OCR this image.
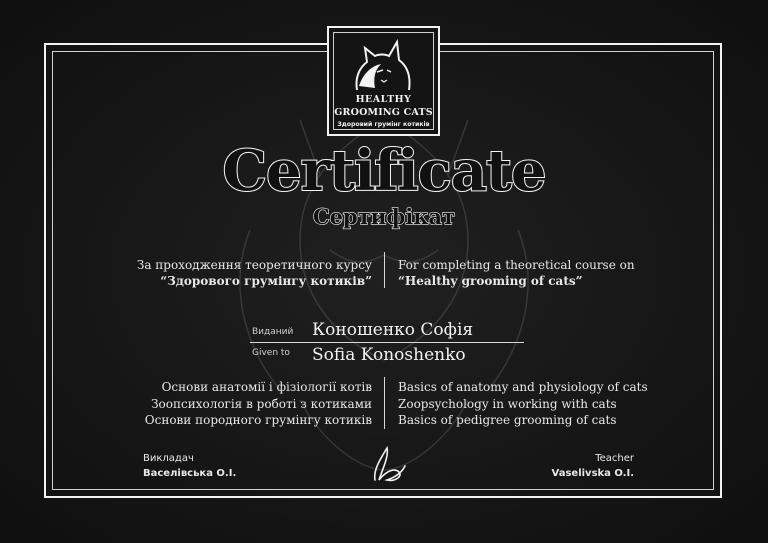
HEALTHY
GROOMING CATS
Здоровий грумінг котиків
Certificate
Сертифікат
За проходження теоретичного курсу
“Здорового грумінгу котиків”
For completing a theoretical course on
“Healthy grooming of cats”
Виданий Коношенко Софія
Given to Sofia Konoshenko
Основи анатомії і фізіології котів
Зоопсихологія в роботі з котиками
Основи породного грумінгу котиків
Basics of anatomy and physiology of cats
Zoopsychology in working with cats
Basics of pedigree grooming of cats
Викладач
Васелівська О.І.
Teacher
Vaselivska O.I.
